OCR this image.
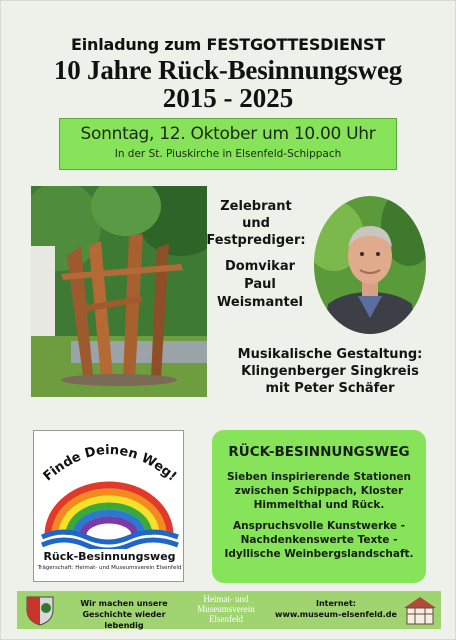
Einladung zum FESTGOTTESDIENST
10 Jahre Rück-Besinnungsweg
2015 - 2025
Sonntag, 12. Oktober um 10.00 Uhr
In der St. Piuskirche in Elsenfeld-Schippach
Zelebrant und Festprediger:
Domvikar
Paul
Weismantel
Musikalische Gestaltung:
Klingenberger Singkreis
mit Peter Schäfer
Finde Deinen Weg!
Rück-Besinnungsweg
Trägerschaft: Heimat- und Museumsverein Elsenfeld
RÜCK-BESINNUNGSWEG
Sieben inspirierende Stationen
zwischen Schippach, Kloster
Himmelthal und Rück.
Anspruchsvolle Kunstwerke -
Nachdenkenswerte Texte -
Idyllische Weinbergslandschaft.
Wir machen unsere
Geschichte wieder lebendig
Heimat- und
Museumsverein
Elsenfeld
Internet:
www.museum-elsenfeld.de
